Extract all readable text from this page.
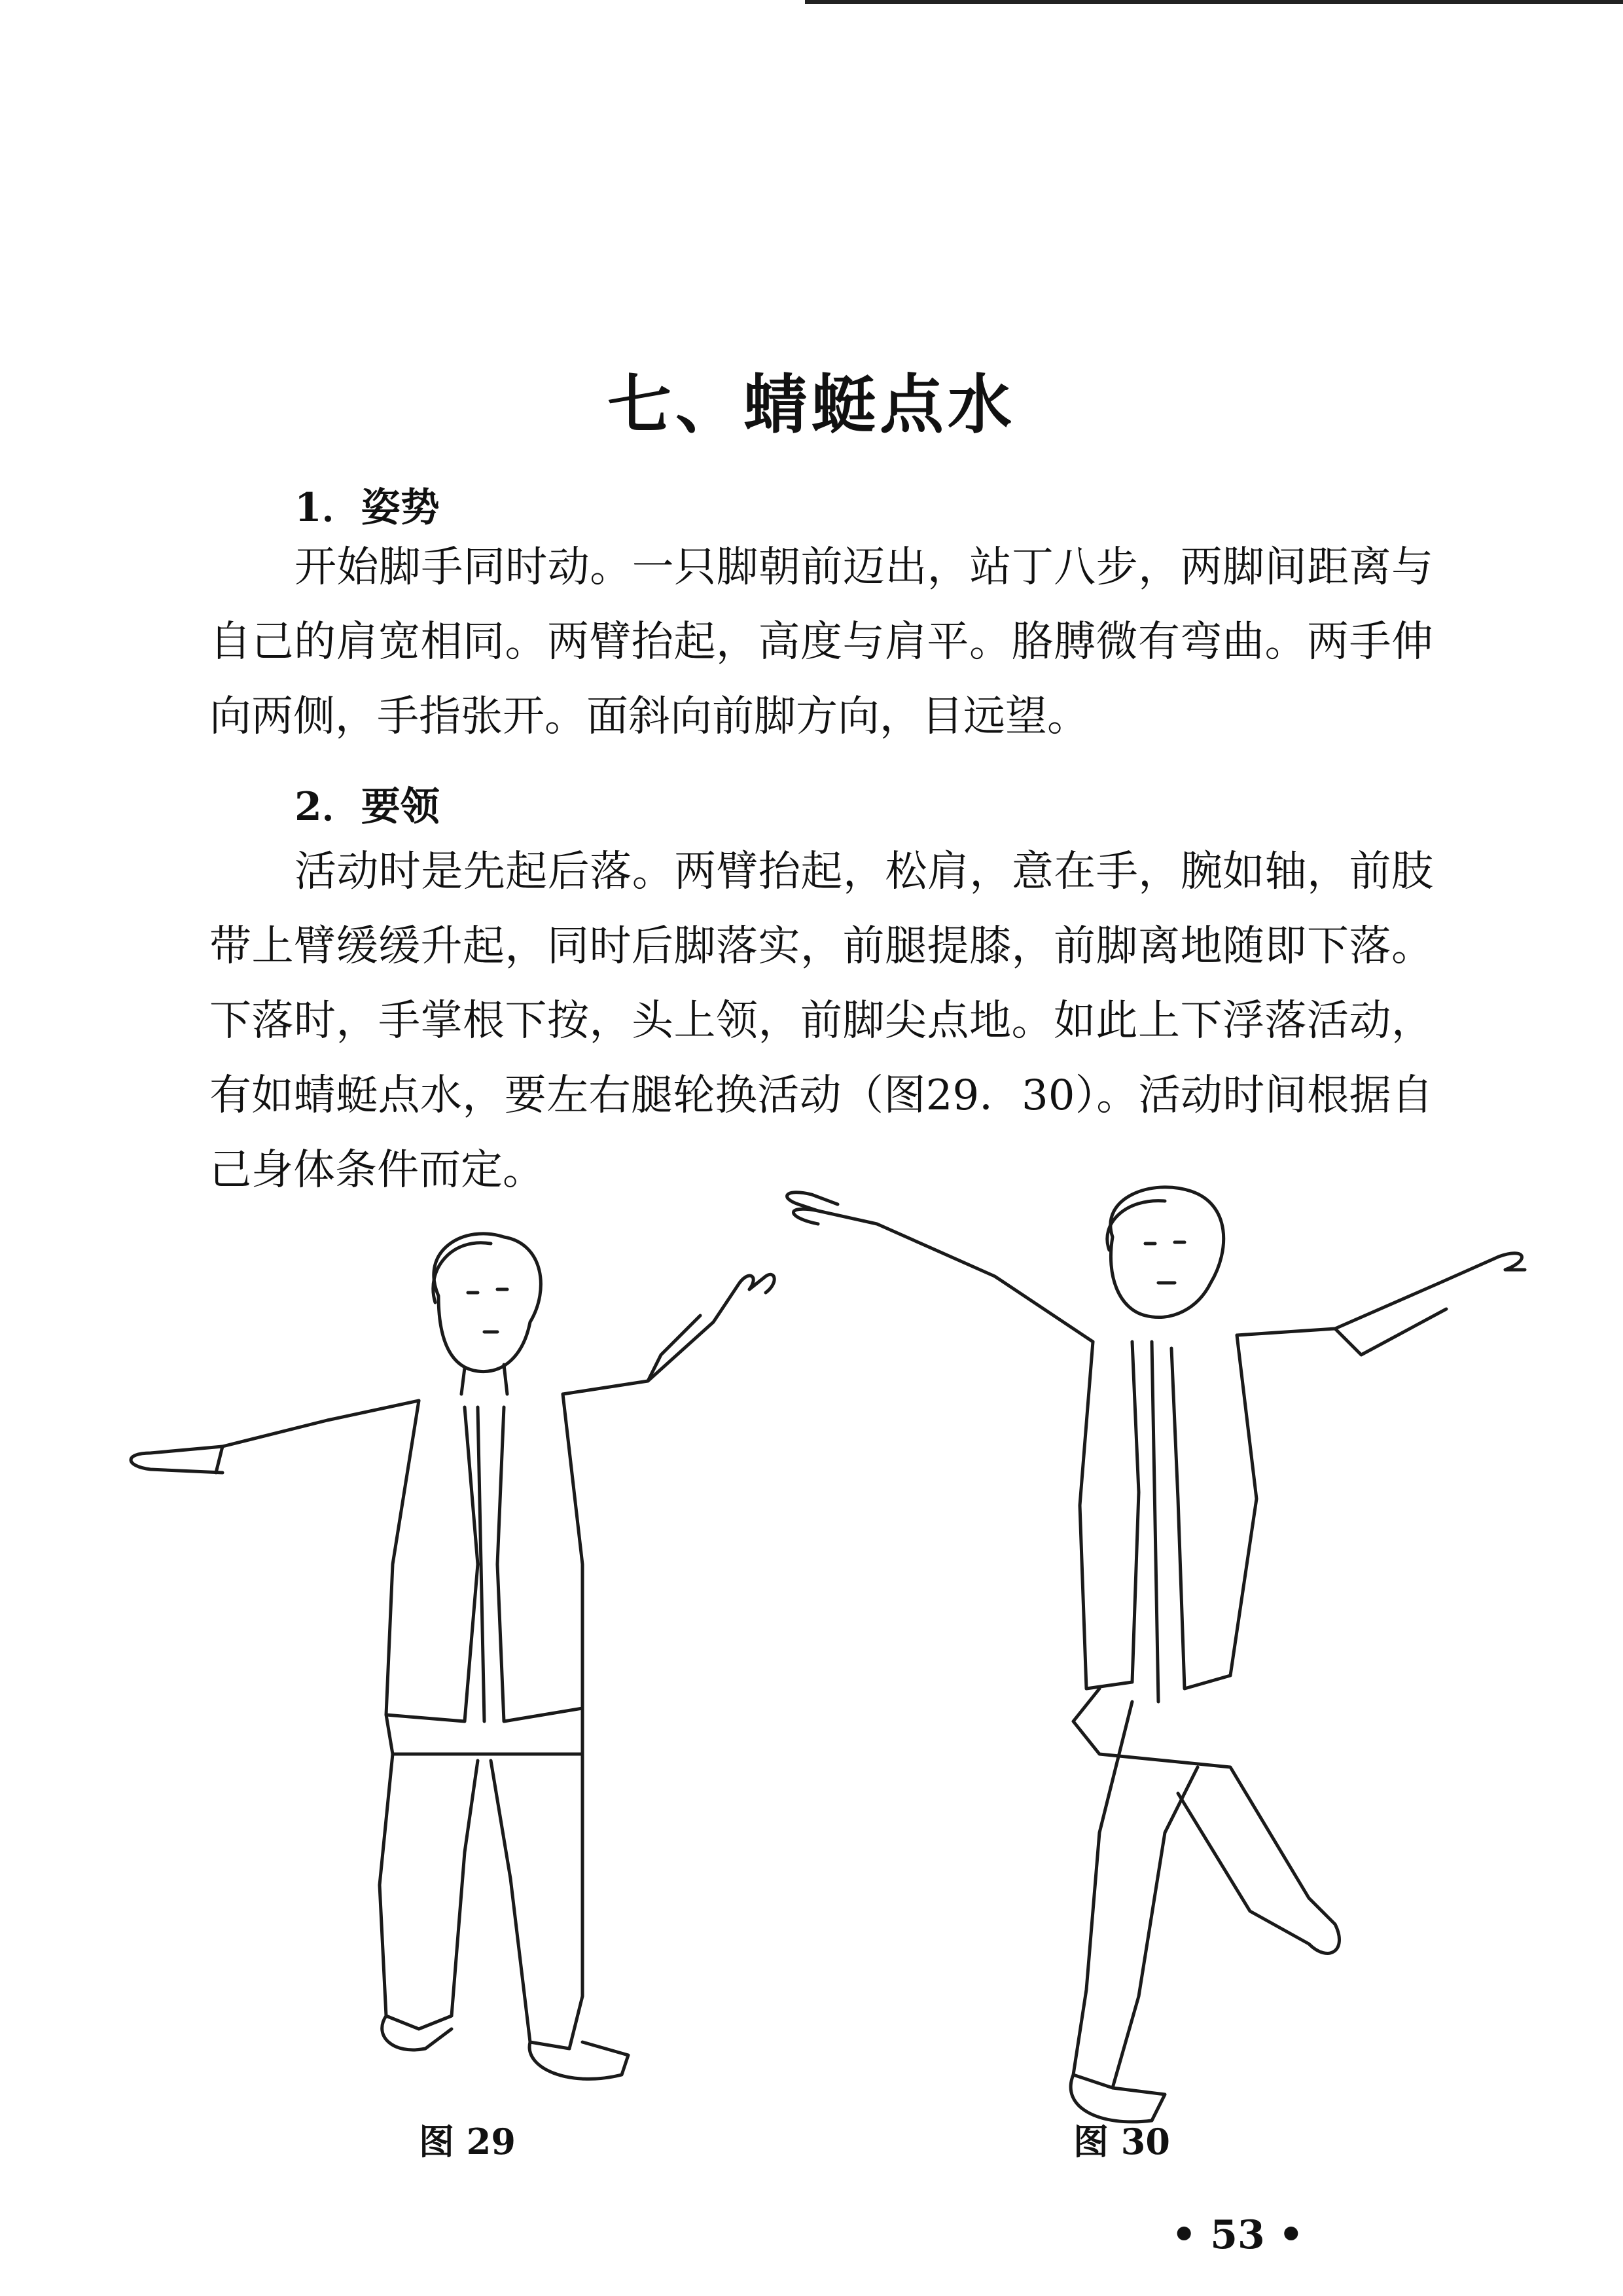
七、蜻蜓点水
1．姿势
开始脚手同时动。一只脚朝前迈出，站丁八步，两脚间距离与自己的肩宽相同。两臂抬起，高度与肩平。胳膊微有弯曲。两手伸向两侧，手指张开。面斜向前脚方向，目远望。
2．要领
活动时是先起后落。两臂抬起，松肩，意在手，腕如轴，前肢带上臂缓缓升起，同时后脚落实，前腿提膝，前脚离地随即下落。下落时，手掌根下按，头上领，前脚尖点地。如此上下浮落活动，有如蜻蜓点水，要左右腿轮换活动（图29．30）。活动时间根据自己身体条件而定。
图 29	图 30
• 53 •
